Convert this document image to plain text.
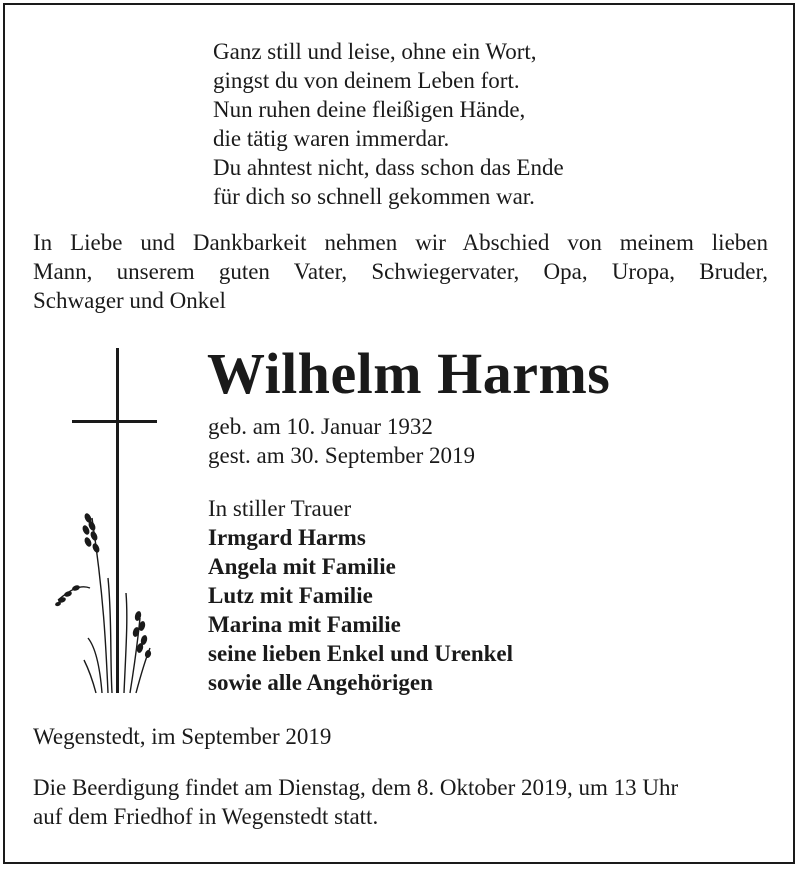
Ganz still und leise, ohne ein Wort,
gingst du von deinem Leben fort.
Nun ruhen deine fleißigen Hände,
die tätig waren immerdar.
Du ahntest nicht, dass schon das Ende
für dich so schnell gekommen war.
In Liebe und Dankbarkeit nehmen wir Abschied von meinem lieben
Mann, unserem guten Vater, Schwiegervater, Opa, Uropa, Bruder,
Schwager und Onkel
Wilhelm Harms
geb. am 10. Januar 1932
gest. am 30. September 2019
In stiller Trauer
Irmgard Harms
Angela mit Familie
Lutz mit Familie
Marina mit Familie
seine lieben Enkel und Urenkel
sowie alle Angehörigen
Wegenstedt, im September 2019
Die Beerdigung findet am Dienstag, dem 8. Oktober 2019, um 13 Uhr
auf dem Friedhof in Wegenstedt statt.
